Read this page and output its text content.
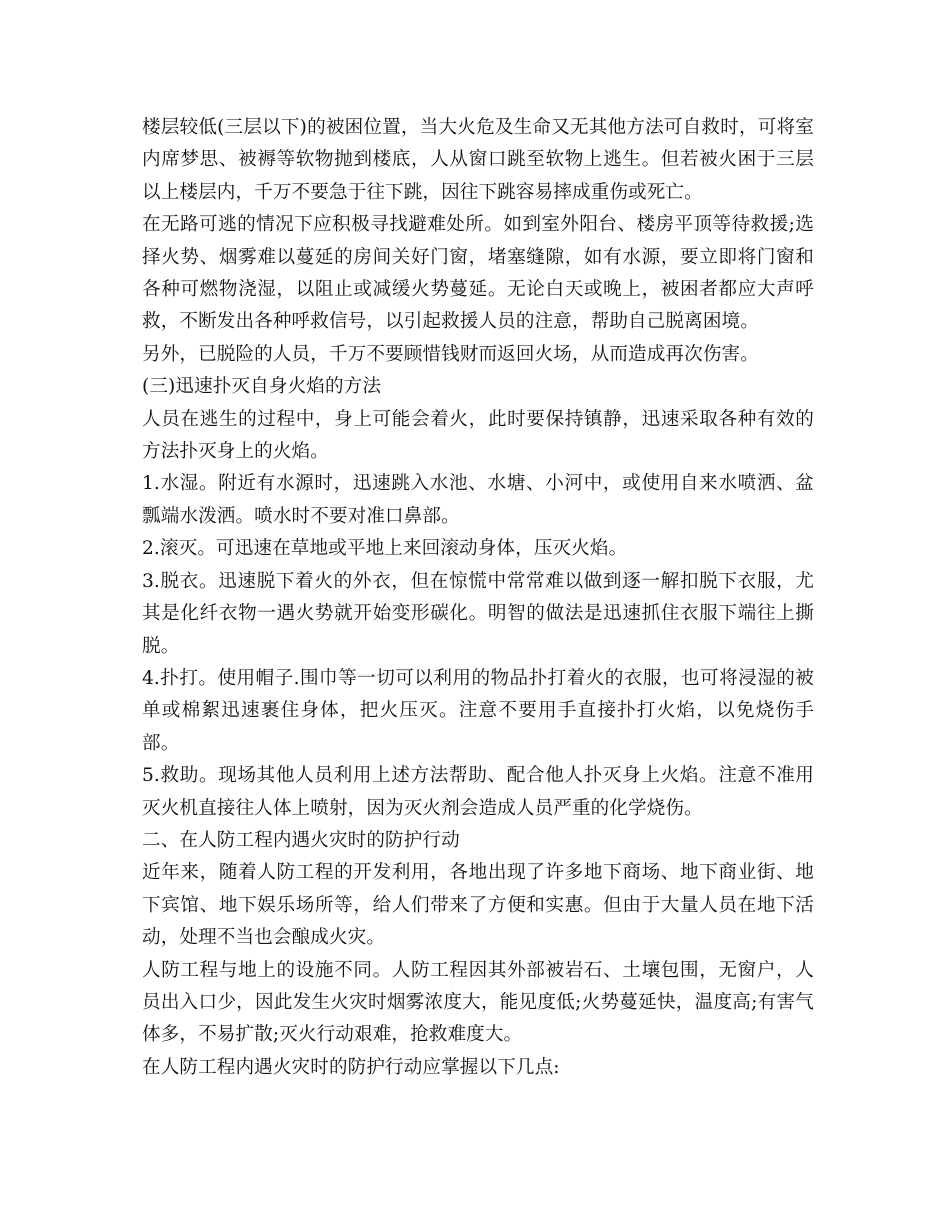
楼层较低(三层以下)的被困位置，当大火危及生命又无其他方法可自救时，可将室内席梦思、被褥等软物抛到楼底，人从窗口跳至软物上逃生。但若被火困于三层以上楼层内，千万不要急于往下跳，因往下跳容易摔成重伤或死亡。

在无路可逃的情况下应积极寻找避难处所。如到室外阳台、楼房平顶等待救援;选择火势、烟雾难以蔓延的房间关好门窗，堵塞缝隙，如有水源，要立即将门窗和各种可燃物浇湿，以阻止或减缓火势蔓延。无论白天或晚上，被困者都应大声呼救，不断发出各种呼救信号，以引起救援人员的注意，帮助自己脱离困境。

另外，已脱险的人员，千万不要顾惜钱财而返回火场，从而造成再次伤害。

(三)迅速扑灭自身火焰的方法

人员在逃生的过程中，身上可能会着火，此时要保持镇静，迅速采取各种有效的方法扑灭身上的火焰。

1.水湿。附近有水源时，迅速跳入水池、水塘、小河中，或使用自来水喷洒、盆瓢端水泼洒。喷水时不要对准口鼻部。

2.滚灭。可迅速在草地或平地上来回滚动身体，压灭火焰。

3.脱衣。迅速脱下着火的外衣，但在惊慌中常常难以做到逐一解扣脱下衣服，尤其是化纤衣物一遇火势就开始变形碳化。明智的做法是迅速抓住衣服下端往上撕脱。

4.扑打。使用帽子.围巾等一切可以利用的物品扑打着火的衣服，也可将浸湿的被单或棉絮迅速裹住身体，把火压灭。注意不要用手直接扑打火焰，以免烧伤手部。

5.救助。现场其他人员利用上述方法帮助、配合他人扑灭身上火焰。注意不准用灭火机直接往人体上喷射，因为灭火剂会造成人员严重的化学烧伤。

二、在人防工程内遇火灾时的防护行动

近年来，随着人防工程的开发利用，各地出现了许多地下商场、地下商业街、地下宾馆、地下娱乐场所等，给人们带来了方便和实惠。但由于大量人员在地下活动，处理不当也会酿成火灾。

人防工程与地上的设施不同。人防工程因其外部被岩石、土壤包围，无窗户，人员出入口少，因此发生火灾时烟雾浓度大，能见度低;火势蔓延快，温度高;有害气体多，不易扩散;灭火行动艰难，抢救难度大。

在人防工程内遇火灾时的防护行动应掌握以下几点:
